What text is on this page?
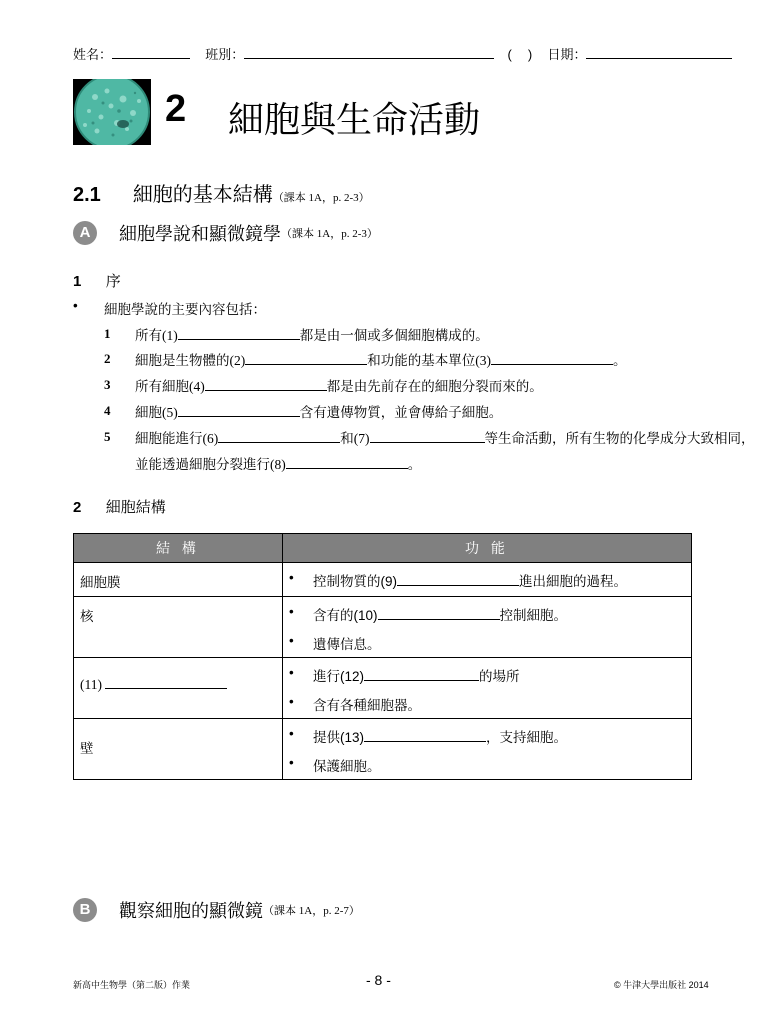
姓名：	班別：	( ) 日期：
2 細胞與生命活動
2.1 細胞的基本結構（課本 1A，p. 2-3）
A 細胞學說和顯微鏡學（課本 1A，p. 2-3）
1 序
• 細胞學說的主要內容包括：
1 所有(1)	都是由一個或多個細胞構成的。
2 細胞是生物體的(2)	和功能的基本單位(3)	。
3 所有細胞(4)	都是由先前存在的細胞分裂而來的。
4 細胞(5)	含有遺傳物質，並會傳給子細胞。
5 細胞能進行(6)	和(7)	等生命活動，所有生物的化學成分大致相同，
並能透過細胞分裂進行(8)	。
2 細胞結構
結 構	功 能

細胞膜	• 控制物質的(9) 進出細胞的過程。

核	• 含有的(10) 控制細胞。
• 遺傳信息。

(11)	• 進行(12) 的場所
• 含有各種細胞器。

壁	• 提供(13) ，支持細胞。
• 保護細胞。
B 觀察細胞的顯微鏡（課本 1A，p. 2-7）
新高中生物學（第二版）作業	- 8 -	© 牛津大學出版社 2014
